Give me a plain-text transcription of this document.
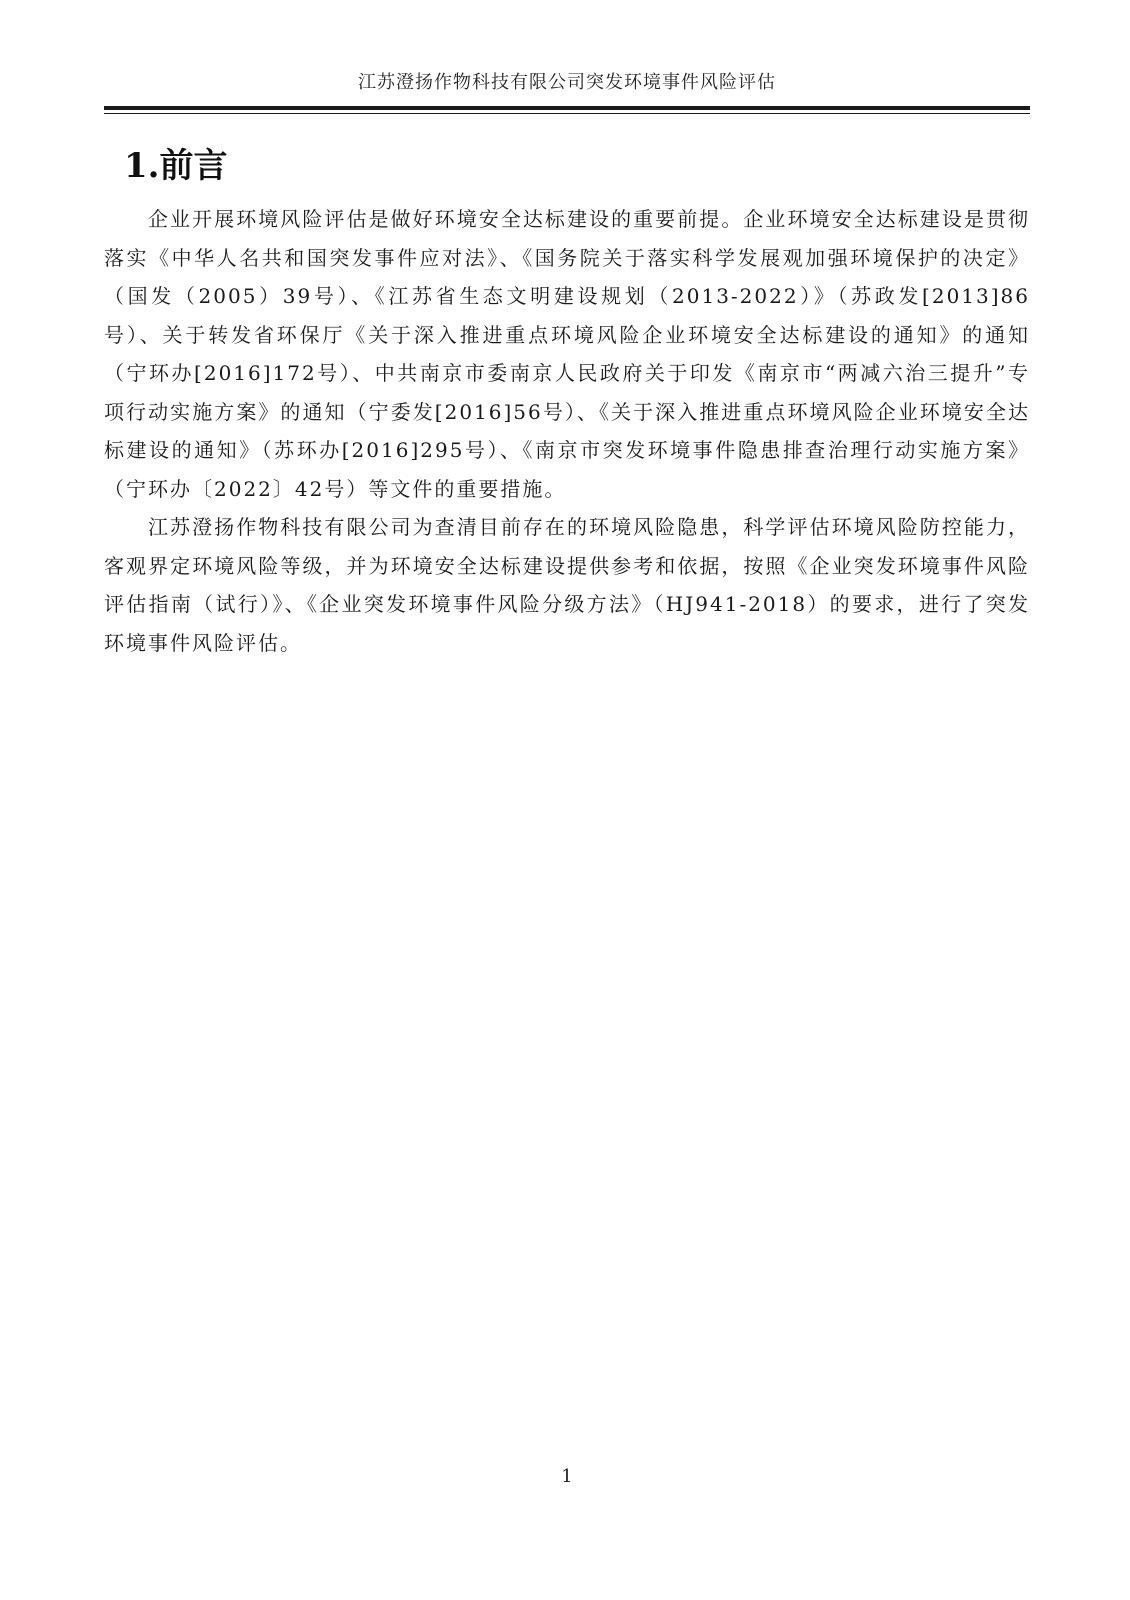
江苏澄扬作物科技有限公司突发环境事件风险评估
1.前言

企业开展环境风险评估是做好环境安全达标建设的重要前提。企业环境安全达标建设是贯彻落实《中华人名共和国突发事件应对法》、《国务院关于落实科学发展观加强环境保护的决定》（国发（2005）39号）、《江苏省生态文明建设规划（2013-2022）》（苏政发[2013]86号）、关于转发省环保厅《关于深入推进重点环境风险企业环境安全达标建设的通知》的通知（宁环办[2016]172号）、中共南京市委南京人民政府关于印发《南京市“两减六治三提升”专项行动实施方案》的通知（宁委发[2016]56号）、《关于深入推进重点环境风险企业环境安全达标建设的通知》（苏环办[2016]295号）、《南京市突发环境事件隐患排查治理行动实施方案》（宁环办〔2022〕42号）等文件的重要措施。

江苏澄扬作物科技有限公司为查清目前存在的环境风险隐患，科学评估环境风险防控能力，客观界定环境风险等级，并为环境安全达标建设提供参考和依据，按照《企业突发环境事件风险评估指南（试行）》、《企业突发环境事件风险分级方法》（HJ941-2018）的要求，进行了突发环境事件风险评估。

1
